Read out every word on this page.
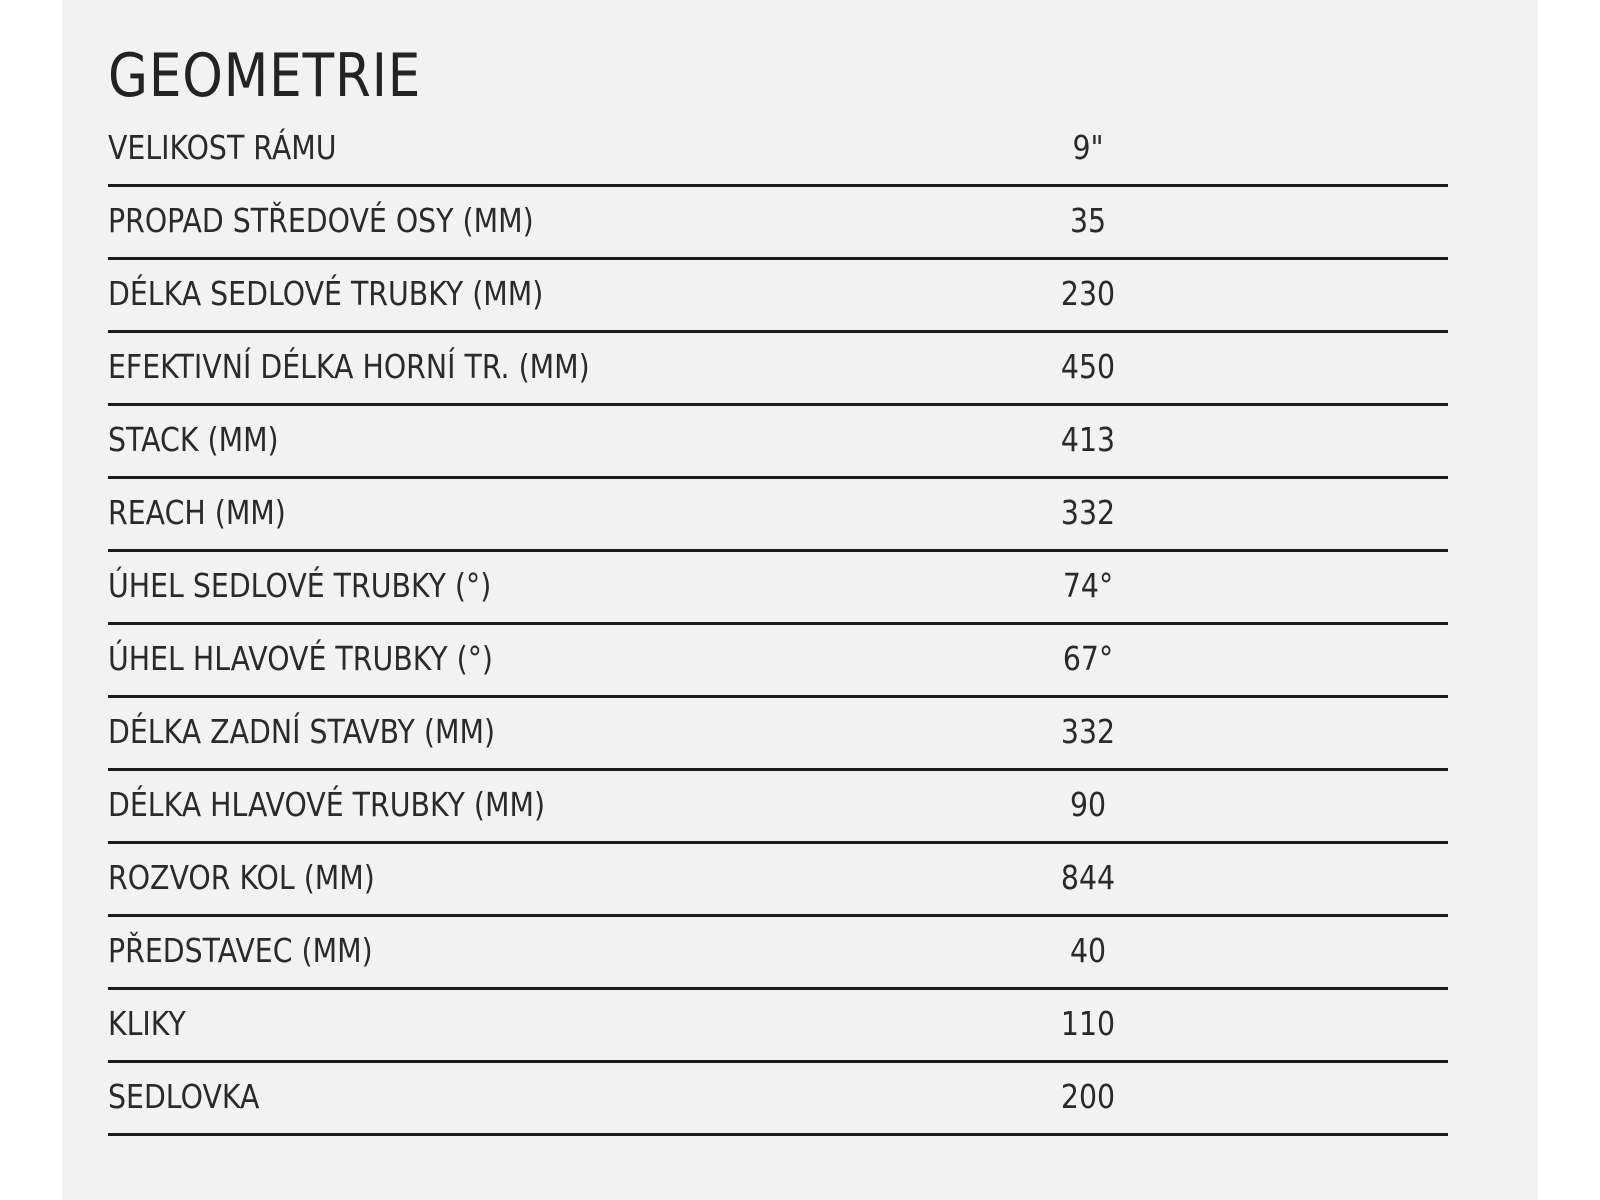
GEOMETRIE
VELIKOST RÁMU	9"
PROPAD STŘEDOVÉ OSY (MM)	35
DÉLKA SEDLOVÉ TRUBKY (MM)	230
EFEKTIVNÍ DÉLKA HORNÍ TR. (MM)	450
STACK (MM)	413
REACH (MM)	332
ÚHEL SEDLOVÉ TRUBKY (°)	74°
ÚHEL HLAVOVÉ TRUBKY (°)	67°
DÉLKA ZADNÍ STAVBY (MM)	332
DÉLKA HLAVOVÉ TRUBKY (MM)	90
ROZVOR KOL (MM)	844
PŘEDSTAVEC (MM)	40
KLIKY	110
SEDLOVKA	200
